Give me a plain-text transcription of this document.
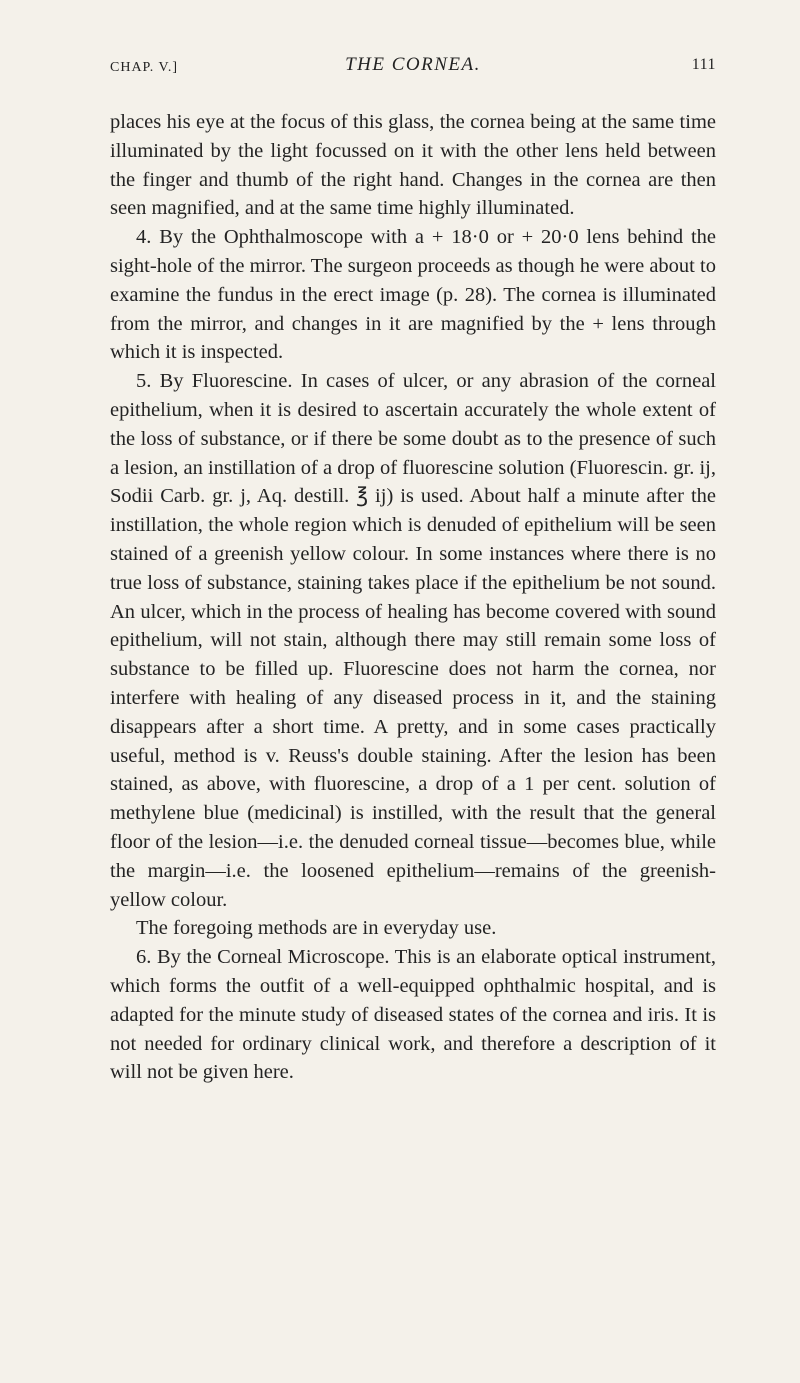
CHAP. V.]	THE CORNEA.	111

places his eye at the focus of this glass, the cornea being at the same time illuminated by the light focussed on it with the other lens held between the finger and thumb of the right hand. Changes in the cornea are then seen magnified, and at the same time highly illuminated.

4. By the Ophthalmoscope with a + 18·0 or + 20·0 lens behind the sight-hole of the mirror. The surgeon proceeds as though he were about to examine the fundus in the erect image (p. 28). The cornea is illuminated from the mirror, and changes in it are magnified by the + lens through which it is inspected.

5. By Fluorescine. In cases of ulcer, or any abrasion of the corneal epithelium, when it is desired to ascertain accurately the whole extent of the loss of substance, or if there be some doubt as to the presence of such a lesion, an instillation of a drop of fluorescine solution (Fluorescin. gr. ij, Sodii Carb. gr. j, Aq. destill. ℥ ij) is used. About half a minute after the instillation, the whole region which is denuded of epithelium will be seen stained of a greenish yellow colour. In some instances where there is no true loss of substance, staining takes place if the epithelium be not sound. An ulcer, which in the process of healing has become covered with sound epithelium, will not stain, although there may still remain some loss of substance to be filled up. Fluorescine does not harm the cornea, nor interfere with healing of any diseased process in it, and the staining disappears after a short time. A pretty, and in some cases practically useful, method is v. Reuss's double staining. After the lesion has been stained, as above, with fluorescine, a drop of a 1 per cent. solution of methylene blue (medicinal) is instilled, with the result that the general floor of the lesion—i.e. the denuded corneal tissue—becomes blue, while the margin—i.e. the loosened epithelium—remains of the greenish-yellow colour.

The foregoing methods are in everyday use.

6. By the Corneal Microscope. This is an elaborate optical instrument, which forms the outfit of a well-equipped ophthalmic hospital, and is adapted for the minute study of diseased states of the cornea and iris. It is not needed for ordinary clinical work, and therefore a description of it will not be given here.
